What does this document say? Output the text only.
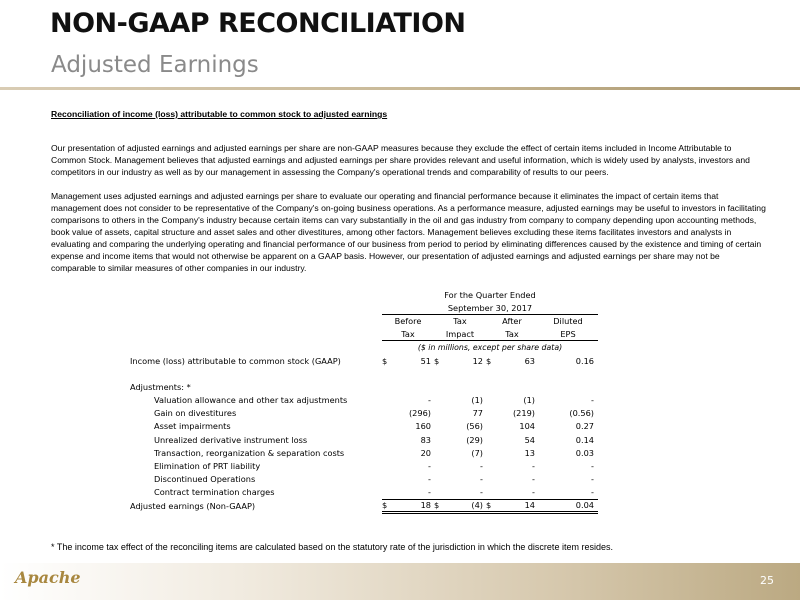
NON-GAAP RECONCILIATION
Adjusted Earnings
Reconciliation of income (loss) attributable to common stock to adjusted earnings

Our presentation of adjusted earnings and adjusted earnings per share are non-GAAP measures because they exclude the effect of certain items included in Income Attributable to Common Stock. Management believes that adjusted earnings and adjusted earnings per share provides relevant and useful information, which is widely used by analysts, investors and competitors in our industry as well as by our management in assessing the Company's operational trends and comparability of results to our peers.

Management uses adjusted earnings and adjusted earnings per share to evaluate our operating and financial performance because it eliminates the impact of certain items that management does not consider to be representative of the Company's on-going business operations. As a performance measure, adjusted earnings may be useful to investors in facilitating comparisons to others in the Company's industry because certain items can vary substantially in the oil and gas industry from company to company depending upon accounting methods, book value of assets, capital structure and asset sales and other divestitures, among other factors. Management believes excluding these items facilitates investors and analysts in evaluating and comparing the underlying operating and financial performance of our business from period to period by eliminating differences caused by the existence and timing of certain expense and income items that would not otherwise be apparent on a GAAP basis. However, our presentation of adjusted earnings and adjusted earnings per share may not be comparable to similar measures of other companies in our industry.

		For the Quarter Ended						
		September 30, 2017						
		Before		Tax		After		Diluted
		Tax		Impact		Tax		EPS
		($ in millions, except per share data)						
Income (loss) attributable to common stock (GAAP)		$	51	$	12	$	63	0.16

Adjustments: *								
Valuation allowance and other tax adjustments			-		(1)		(1)	-
Gain on divestitures			(296)		77		(219)	(0.56)
Asset impairments			160		(56)		104	0.27
Unrealized derivative instrument loss			83		(29)		54	0.14
Transaction, reorganization & separation costs			20		(7)		13	0.03
Elimination of PRT liability			-		-		-	-
Discontinued Operations			-		-		-	-
Contract termination charges			-		-		-	-
Adjusted earnings (Non-GAAP)		$	18	$	(4)	$	14	0.04
* The income tax effect of the reconciling items are calculated based on the statutory rate of the jurisdiction in which the discrete item resides.
Apache	25
